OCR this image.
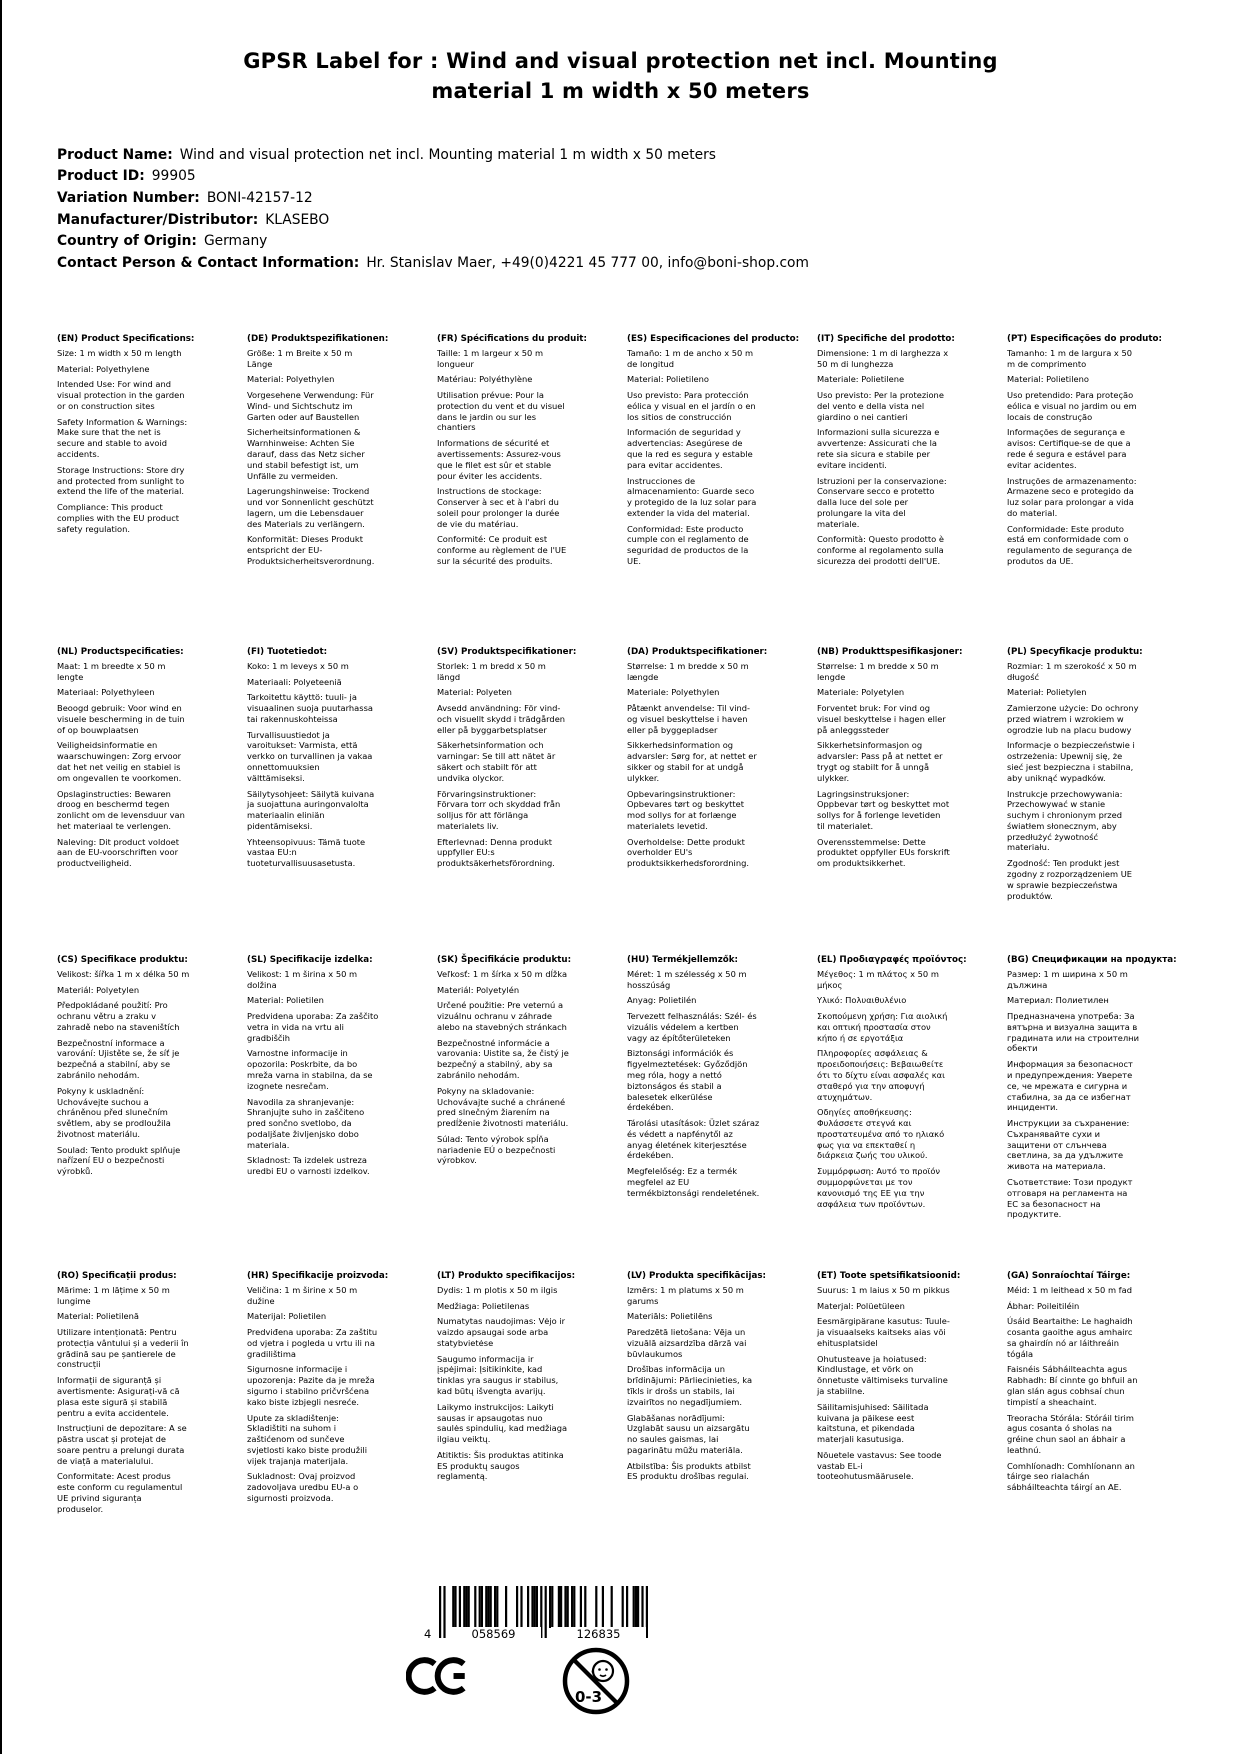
GPSR Label for : Wind and visual protection net incl. Mounting material 1 m width x 50 meters
Product Name: Wind and visual protection net incl. Mounting material 1 m width x 50 meters
Product ID: 99905
Variation Number: BONI-42157-12
Manufacturer/Distributor: KLASEBO
Country of Origin: Germany
Contact Person & Contact Information: Hr. Stanislav Maer, +49(0)4221 45 777 00, info@boni-shop.com
(EN) Product Specifications:

Size: 1 m width x 50 m length

Material: Polyethylene

Intended Use: For wind and visual protection in the garden or on construction sites

Safety Information & Warnings: Make sure that the net is secure and stable to avoid accidents.

Storage Instructions: Store dry and protected from sunlight to extend the life of the material.

Compliance: This product complies with the EU product safety regulation.

(DE) Produktspezifikationen:

Größe: 1 m Breite x 50 m Länge

Material: Polyethylen

Vorgesehene Verwendung: Für Wind- und Sichtschutz im Garten oder auf Baustellen

Sicherheitsinformationen & Warnhinweise: Achten Sie darauf, dass das Netz sicher und stabil befestigt ist, um Unfälle zu vermeiden.

Lagerungshinweise: Trockend und vor Sonnenlicht geschützt lagern, um die Lebensdauer des Materials zu verlängern.

Konformität: Dieses Produkt entspricht der EU-Produktsicherheitsverordnung.

(FR) Spécifications du produit:

Taille: 1 m largeur x 50 m longueur

Matériau: Polyéthylène

Utilisation prévue: Pour la protection du vent et du visuel dans le jardin ou sur les chantiers

Informations de sécurité et avertissements: Assurez-vous que le filet est sûr et stable pour éviter les accidents.

Instructions de stockage: Conserver à sec et à l'abri du soleil pour prolonger la durée de vie du matériau.

Conformité: Ce produit est conforme au règlement de l'UE sur la sécurité des produits.

(ES) Especificaciones del producto:

Tamaño: 1 m de ancho x 50 m de longitud

Material: Polietileno

Uso previsto: Para protección eólica y visual en el jardín o en los sitios de construcción

Información de seguridad y advertencias: Asegúrese de que la red es segura y estable para evitar accidentes.

Instrucciones de almacenamiento: Guarde seco y protegido de la luz solar para extender la vida del material.

Conformidad: Este producto cumple con el reglamento de seguridad de productos de la UE.

(IT) Specifiche del prodotto:

Dimensione: 1 m di larghezza x 50 m di lunghezza

Materiale: Polietilene

Uso previsto: Per la protezione del vento e della vista nel giardino o nei cantieri

Informazioni sulla sicurezza e avvertenze: Assicurati che la rete sia sicura e stabile per evitare incidenti.

Istruzioni per la conservazione: Conservare secco e protetto dalla luce del sole per prolungare la vita del materiale.

Conformità: Questo prodotto è conforme al regolamento sulla sicurezza dei prodotti dell'UE.

(PT) Especificações do produto:

Tamanho: 1 m de largura x 50 m de comprimento

Material: Polietileno

Uso pretendido: Para proteção eólica e visual no jardim ou em locais de construção

Informações de segurança e avisos: Certifique-se de que a rede é segura e estável para evitar acidentes.

Instruções de armazenamento: Armazene seco e protegido da luz solar para prolongar a vida do material.

Conformidade: Este produto está em conformidade com o regulamento de segurança de produtos da UE.

(NL) Productspecificaties:

Maat: 1 m breedte x 50 m lengte

Materiaal: Polyethyleen

Beoogd gebruik: Voor wind en visuele bescherming in de tuin of op bouwplaatsen

Veiligheidsinformatie en waarschuwingen: Zorg ervoor dat het net veilig en stabiel is om ongevallen te voorkomen.

Opslaginstructies: Bewaren droog en beschermd tegen zonlicht om de levensduur van het materiaal te verlengen.

Naleving: Dit product voldoet aan de EU-voorschriften voor productveiligheid.

(FI) Tuotetiedot:

Koko: 1 m leveys x 50 m

Materiaali: Polyeteeniä

Tarkoitettu käyttö: tuuli- ja visuaalinen suoja puutarhassa tai rakennuskohteissa

Turvallisuustiedot ja varoitukset: Varmista, että verkko on turvallinen ja vakaa onnettomuuksien välttämiseksi.

Säilytysohjeet: Säilytä kuivana ja suojattuna auringonvalolta materiaalin eliniän pidentämiseksi.

Yhteensopivuus: Tämä tuote vastaa EU:n tuoteturvallisuusasetusta.

(SV) Produktspecifikationer:

Storlek: 1 m bredd x 50 m längd

Material: Polyeten

Avsedd användning: För vind- och visuellt skydd i trädgården eller på byggarbetsplatser

Säkerhetsinformation och varningar: Se till att nätet är säkert och stabilt för att undvika olyckor.

Förvaringsinstruktioner: Förvara torr och skyddad från solljus för att förlänga materialets liv.

Efterlevnad: Denna produkt uppfyller EU:s produktsäkerhetsförordning.

(DA) Produktspecifikationer:

Størrelse: 1 m bredde x 50 m længde

Materiale: Polyethylen

Påtænkt anvendelse: Til vind- og visuel beskyttelse i haven eller på byggepladser

Sikkerhedsinformation og advarsler: Sørg for, at nettet er sikker og stabil for at undgå ulykker.

Opbevaringsinstruktioner: Opbevares tørt og beskyttet mod sollys for at forlænge materialets levetid.

Overholdelse: Dette produkt overholder EU's produktsikkerhedsforordning.

(NB) Produkttspesifikasjoner:

Størrelse: 1 m bredde x 50 m lengde

Materiale: Polyetylen

Forventet bruk: For vind og visuel beskyttelse i hagen eller på anleggssteder

Sikkerhetsinformasjon og advarsler: Pass på at nettet er trygt og stabilt for å unngå ulykker.

Lagringsinstruksjoner: Oppbevar tørt og beskyttet mot sollys for å forlenge levetiden til materialet.

Overensstemmelse: Dette produktet oppfyller EUs forskrift om produktsikkerhet.

(PL) Specyfikacje produktu:

Rozmiar: 1 m szerokość x 50 m długość

Materiał: Polietylen

Zamierzone użycie: Do ochrony przed wiatrem i wzrokiem w ogrodzie lub na placu budowy

Informacje o bezpieczeństwie i ostrzeżenia: Upewnij się, że sieć jest bezpieczna i stabilna, aby uniknąć wypadków.

Instrukcje przechowywania: Przechowywać w stanie suchym i chronionym przed światłem słonecznym, aby przedłużyć żywotność materiału.

Zgodność: Ten produkt jest zgodny z rozporządzeniem UE w sprawie bezpieczeństwa produktów.

(CS) Specifikace produktu:

Velikost: šířka 1 m x délka 50 m

Materiál: Polyetylen

Předpokládané použití: Pro ochranu větru a zraku v zahradě nebo na staveništích

Bezpečnostní informace a varování: Ujistěte se, že síť je bezpečná a stabilní, aby se zabránilo nehodám.

Pokyny k uskladnění: Uchovávejte suchou a chráněnou před slunečním světlem, aby se prodloužila životnost materiálu.

Soulad: Tento produkt splňuje nařízení EU o bezpečnosti výrobků.

(SL) Specifikacije izdelka:

Velikost: 1 m širina x 50 m dolžina

Material: Polietilen

Predvidena uporaba: Za zaščito vetra in vida na vrtu ali gradbiščih

Varnostne informacije in opozorila: Poskrbite, da bo mreža varna in stabilna, da se izognete nesrečam.

Navodila za shranjevanje: Shranjujte suho in zaščiteno pred sončno svetlobo, da podaljšate življenjsko dobo materiala.

Skladnost: Ta izdelek ustreza uredbi EU o varnosti izdelkov.

(SK) Špecifikácie produktu:

Veľkosť: 1 m šírka x 50 m dĺžka

Materiál: Polyetylén

Určené použitie: Pre veternú a vizuálnu ochranu v záhrade alebo na stavebných stránkach

Bezpečnostné informácie a varovania: Uistite sa, že čistý je bezpečný a stabilný, aby sa zabránilo nehodám.

Pokyny na skladovanie: Uchovávajte suché a chránené pred slnečným žiarením na predĺženie životnosti materiálu.

Súlad: Tento výrobok spĺňa nariadenie EÚ o bezpečnosti výrobkov.

(HU) Termékjellemzők:

Méret: 1 m szélesség x 50 m hosszúság

Anyag: Polietilén

Tervezett felhasználás: Szél- és vizuális védelem a kertben vagy az építőterületeken

Biztonsági információk és figyelmeztetések: Győződjön meg róla, hogy a nettó biztonságos és stabil a balesetek elkerülése érdekében.

Tárolási utasítások: Üzlet száraz és védett a napfénytől az anyag életének kiterjesztése érdekében.

Megfelelőség: Ez a termék megfelel az EU termékbiztonsági rendeletének.

(EL) Προδιαγραφές προϊόντος:

Μέγεθος: 1 m πλάτος x 50 m μήκος

Υλικό: Πολυαιθυλένιο

Σκοπούμενη χρήση: Για αιολική και οπτική προστασία στον κήπο ή σε εργοτάξια

Πληροφορίες ασφάλειας & προειδοποιήσεις: Βεβαιωθείτε ότι το δίχτυ είναι ασφαλές και σταθερό για την αποφυγή ατυχημάτων.

Οδηγίες αποθήκευσης: Φυλάσσετε στεγνά και προστατευμένα από το ηλιακό φως για να επεκταθεί η διάρκεια ζωής του υλικού.

Συμμόρφωση: Αυτό το προϊόν συμμορφώνεται με τον κανονισμό της ΕΕ για την ασφάλεια των προϊόντων.

(BG) Спецификации на продукта:

Размер: 1 m ширина x 50 m дължина

Материал: Полиетилен

Предназначена употреба: За вятърна и визуална защита в градината или на строителни обекти

Информация за безопасност и предупреждения: Уверете се, че мрежата е сигурна и стабилна, за да се избегнат инциденти.

Инструкции за съхранение: Съхранявайте сухи и защитени от слънчева светлина, за да удължите живота на материала.

Съответствие: Този продукт отговаря на регламента на ЕС за безопасност на продуктите.

(RO) Specificații produs:

Mărime: 1 m lățime x 50 m lungime

Material: Polietilenă

Utilizare intenționată: Pentru protecția vântului și a vederii în grădină sau pe șantierele de construcții

Informații de siguranță și avertismente: Asigurați-vă că plasa este sigură și stabilă pentru a evita accidentele.

Instrucțiuni de depozitare: A se păstra uscat și protejat de soare pentru a prelungi durata de viață a materialului.

Conformitate: Acest produs este conform cu regulamentul UE privind siguranța produselor.

(HR) Specifikacije proizvoda:

Veličina: 1 m širine x 50 m dužine

Materijal: Polietilen

Predviđena uporaba: Za zaštitu od vjetra i pogleda u vrtu ili na gradilištima

Sigurnosne informacije i upozorenja: Pazite da je mreža sigurno i stabilno pričvršćena kako biste izbjegli nesreće.

Upute za skladištenje: Skladištiti na suhom i zaštićenom od sunčeve svjetlosti kako biste produžili vijek trajanja materijala.

Sukladnost: Ovaj proizvod zadovoljava uredbu EU-a o sigurnosti proizvoda.

(LT) Produkto specifikacijos:

Dydis: 1 m plotis x 50 m ilgis

Medžiaga: Polietilenas

Numatytas naudojimas: Vėjo ir vaizdo apsaugai sode arba statybvietėse

Saugumo informacija ir įspėjimai: Įsitikinkite, kad tinklas yra saugus ir stabilus, kad būtų išvengta avarijų.

Laikymo instrukcijos: Laikyti sausas ir apsaugotas nuo saulės spindulių, kad medžiaga ilgiau veiktų.

Atitiktis: Šis produktas atitinka ES produktų saugos reglamentą.

(LV) Produkta specifikācijas:

Izmērs: 1 m platums x 50 m garums

Materiāls: Polietilēns

Paredzētā lietošana: Vēja un vizuālā aizsardzība dārzā vai būvlaukumos

Drošības informācija un brīdinājumi: Pārliecinieties, ka tīkls ir drošs un stabils, lai izvairītos no negadījumiem.

Glabāšanas norādījumi: Uzglabāt sausu un aizsargātu no saules gaismas, lai pagarinātu mūžu materiāla.

Atbilstība: Šis produkts atbilst ES produktu drošības regulai.

(ET) Toote spetsifikatsioonid:

Suurus: 1 m laius x 50 m pikkus

Materjal: Polüetüleen

Eesmärgipärane kasutus: Tuule- ja visuaalseks kaitseks aias või ehitusplatsidel

Ohutusteave ja hoiatused: Kindlustage, et võrk on õnnetuste vältimiseks turvaline ja stabiilne.

Säilitamisjuhised: Säilitada kuivana ja päikese eest kaitstuna, et pikendada materjali kasutusiga.

Nõuetele vastavus: See toode vastab EL-i tooteohutusmäärusele.

(GA) Sonraíochtaí Táirge:

Méid: 1 m leithead x 50 m fad

Ábhar: Poileitiléin

Úsáid Beartaithe: Le haghaidh cosanta gaoithe agus amhairc sa ghairdín nó ar láithreáin tógála

Faisnéis Sábháilteachta agus Rabhadh: Bí cinnte go bhfuil an glan slán agus cobhsaí chun timpistí a sheachaint.

Treoracha Stórála: Stóráil tirim agus cosanta ó sholas na gréine chun saol an ábhair a leathnú.

Comhlíonadh: Comhlíonann an táirge seo rialachán sábháilteachta táirgí an AE.

4	058569	126835
0-3
